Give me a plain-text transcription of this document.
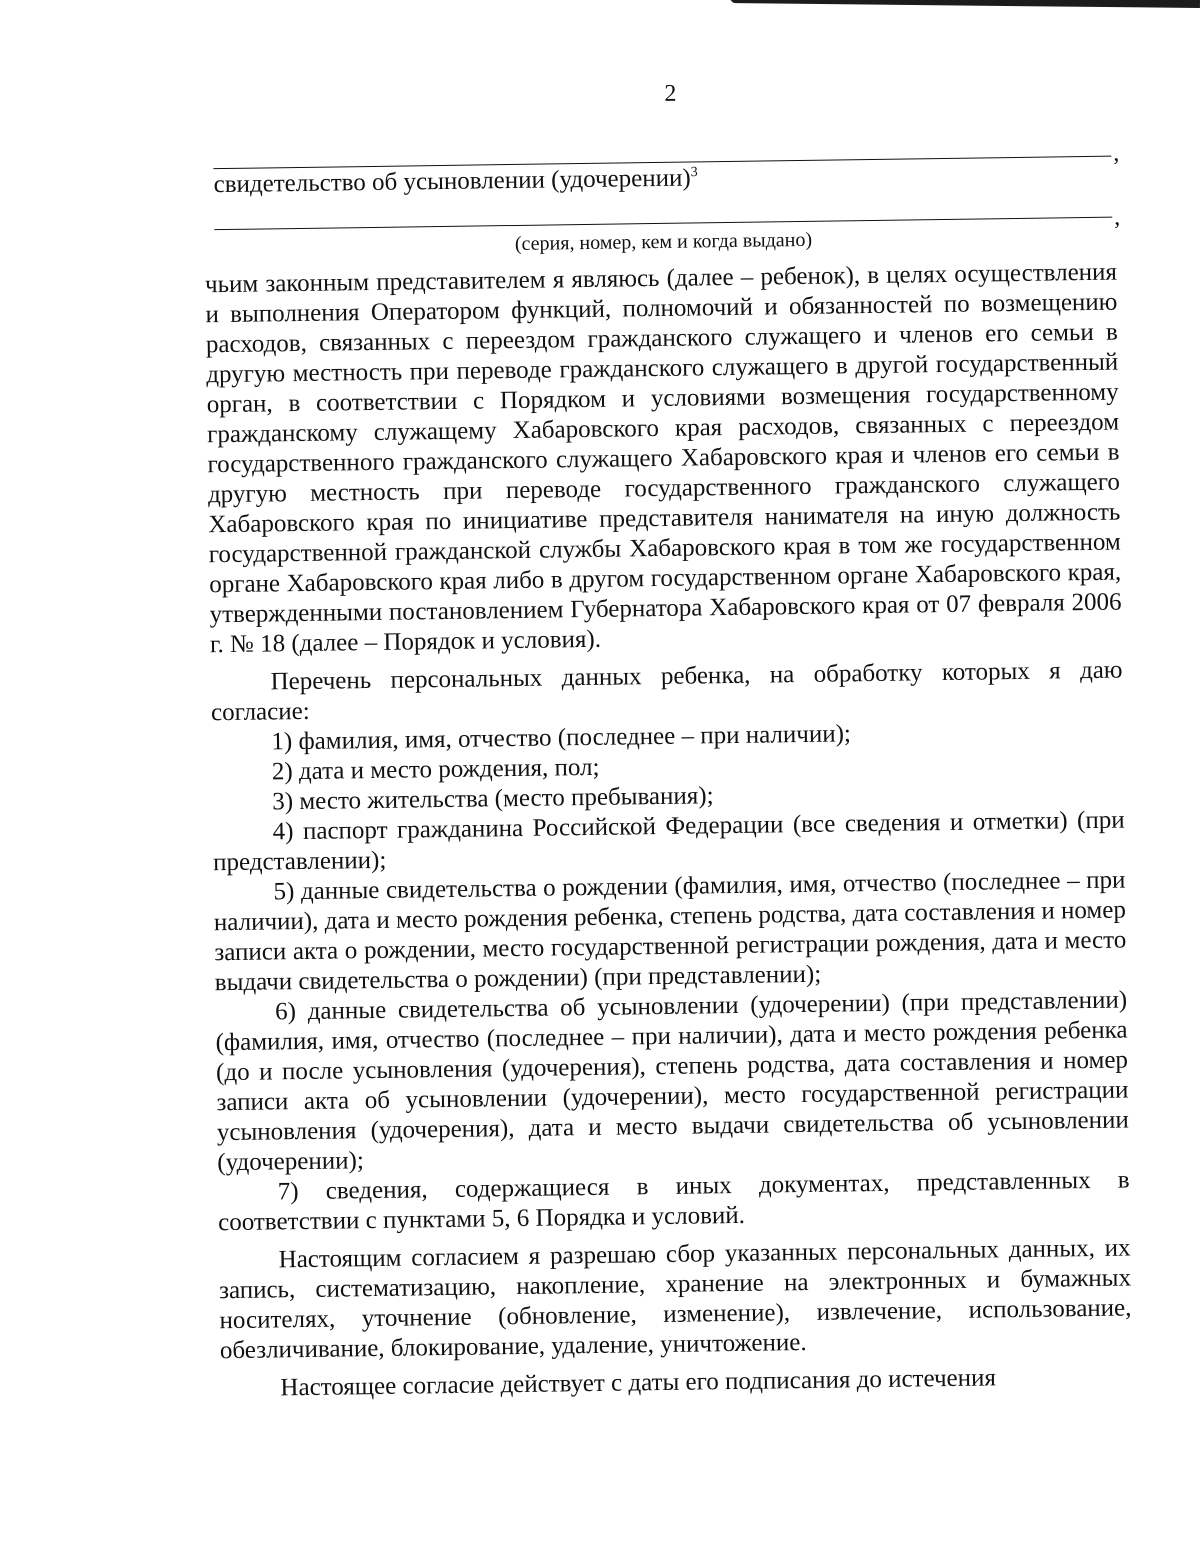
2
,
свидетельство об усыновлении (удочерении)$^3$
,
(серия, номер, кем и когда выдано)

чьим законным представителем я являюсь (далее – ребенок), в целях осуществления и выполнения Оператором функций, полномочий и обязанностей по возмещению расходов, связанных с переездом гражданского служащего и членов его семьи в другую местность при переводе гражданского служащего в другой государственный орган, в соответствии с Порядком и условиями возмещения государственному гражданскому служащему Хабаровского края расходов, связанных с переездом государственного гражданского служащего Хабаровского края и членов его семьи в другую местность при переводе государственного гражданского служащего Хабаровского края по инициативе представителя нанимателя на иную должность государственной гражданской службы Хабаровского края в том же государственном органе Хабаровского края либо в другом государственном органе Хабаровского края, утвержденными постановлением Губернатора Хабаровского края от 07 февраля 2006 г. № 18 (далее – Порядок и условия).

Перечень персональных данных ребенка, на обработку которых я даю согласие:

1) фамилия, имя, отчество (последнее – при наличии);

2) дата и место рождения, пол;

3) место жительства (место пребывания);

4) паспорт гражданина Российской Федерации (все сведения и отметки) (при представлении);

5) данные свидетельства о рождении (фамилия, имя, отчество (последнее – при наличии), дата и место рождения ребенка, степень родства, дата составления и номер записи акта о рождении, место государственной регистрации рождения, дата и место выдачи свидетельства о рождении) (при представлении);

6) данные свидетельства об усыновлении (удочерении) (при представлении) (фамилия, имя, отчество (последнее – при наличии), дата и место рождения ребенка (до и после усыновления (удочерения), степень родства, дата составления и номер записи акта об усыновлении (удочерении), место государственной регистрации усыновления (удочерения), дата и место выдачи свидетельства об усыновлении (удочерении);

7) сведения, содержащиеся в иных документах, представленных в соответствии с пунктами 5, 6 Порядка и условий.

Настоящим согласием я разрешаю сбор указанных персональных данных, их запись, систематизацию, накопление, хранение на электронных и бумажных носителях, уточнение (обновление, изменение), извлечение, использование, обезличивание, блокирование, удаление, уничтожение.

Настоящее согласие действует с даты его подписания до истечения
